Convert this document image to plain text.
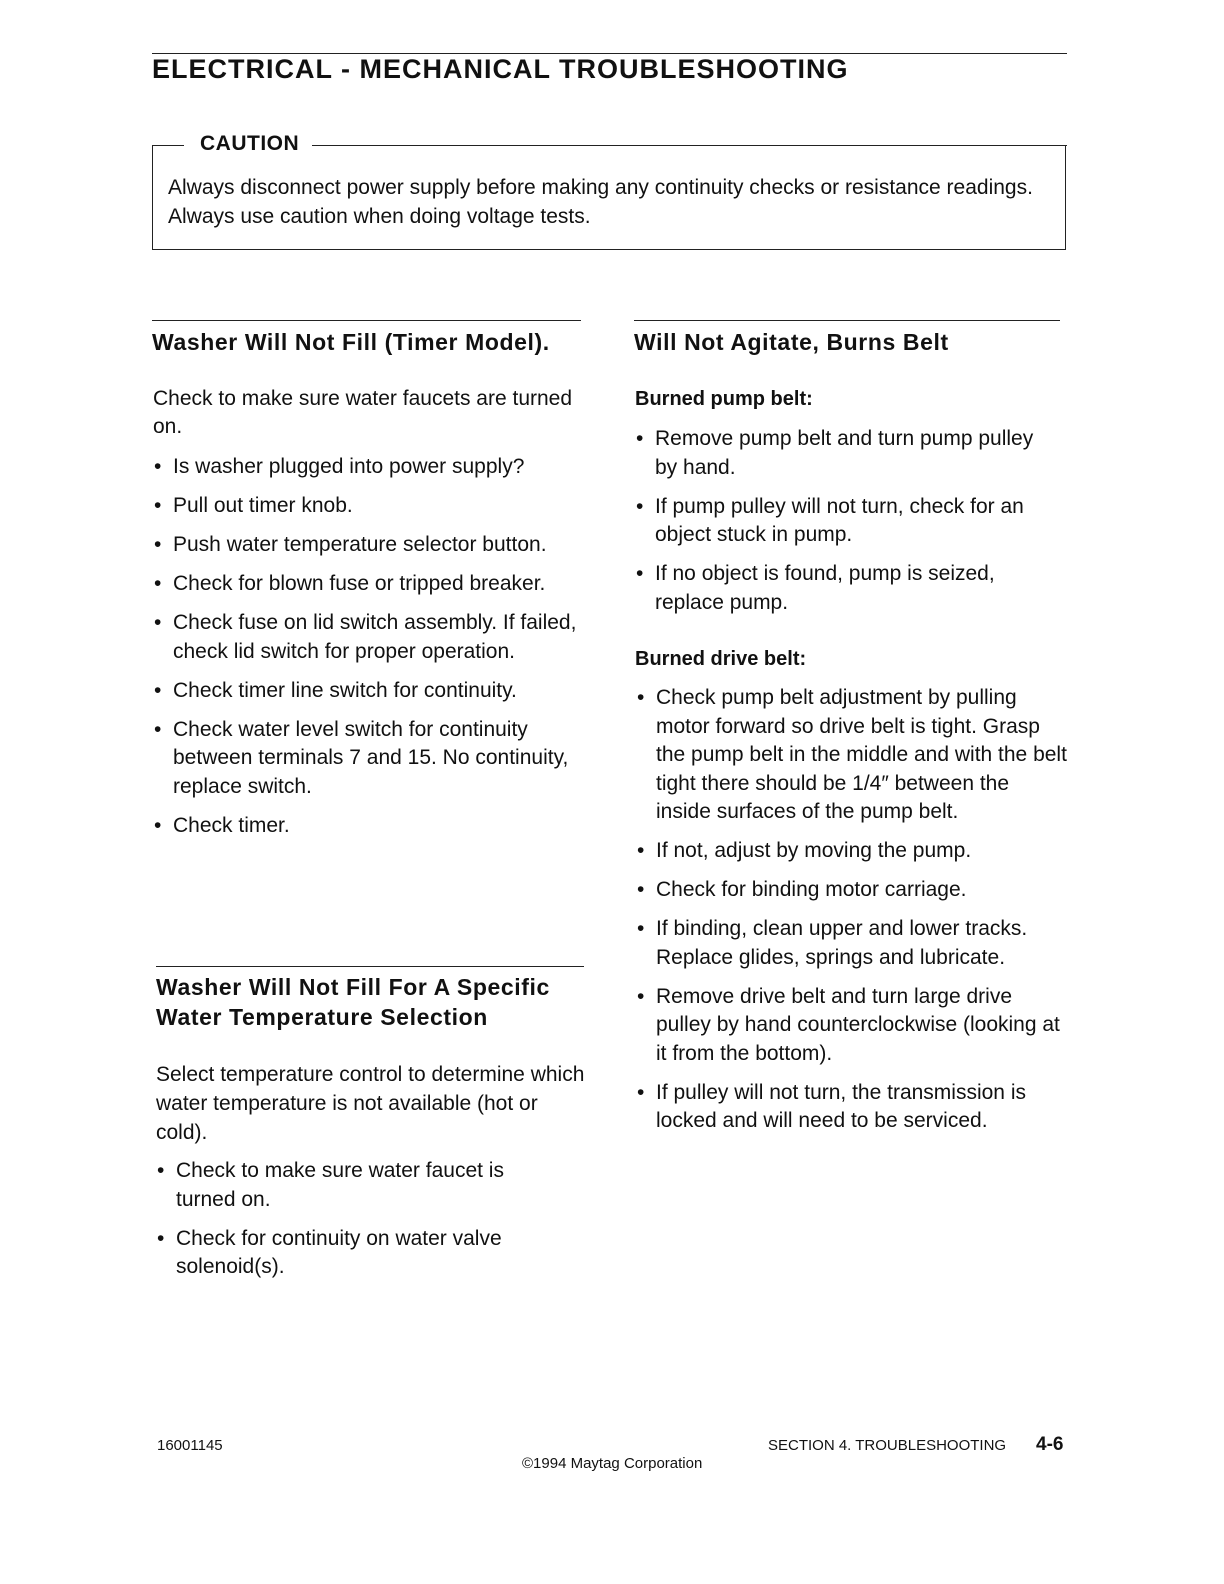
ELECTRICAL - MECHANICAL TROUBLESHOOTING
CAUTION

Always disconnect power supply before making any continuity checks or resistance readings. Always use caution when doing voltage tests.

Washer Will Not Fill (Timer Model).

Check to make sure water faucets are turned on.

• Is washer plugged into power supply?
• Pull out timer knob.
• Push water temperature selector button.
• Check for blown fuse or tripped breaker.
• Check fuse on lid switch assembly. If failed, check lid switch for proper operation.
• Check timer line switch for continuity.
• Check water level switch for continuity between terminals 7 and 15. No continuity, replace switch.
• Check timer.
Washer Will Not Fill For A Specific Water Temperature Selection

Select temperature control to determine which water temperature is not available (hot or cold).

• Check to make sure water faucet is turned on.
• Check for continuity on water valve solenoid(s).
Will Not Agitate, Burns Belt
Burned pump belt:
• Remove pump belt and turn pump pulley by hand.
• If pump pulley will not turn, check for an object stuck in pump.
• If no object is found, pump is seized, replace pump.
Burned drive belt:
• Check pump belt adjustment by pulling motor forward so drive belt is tight. Grasp the pump belt in the middle and with the belt tight there should be 1/4″ between the inside surfaces of the pump belt.
• If not, adjust by moving the pump.
• Check for binding motor carriage.
• If binding, clean upper and lower tracks. Replace glides, springs and lubricate.
• Remove drive belt and turn large drive pulley by hand counterclockwise (looking at it from the bottom).
• If pulley will not turn, the transmission is locked and will need to be serviced.
16001145
©1994 Maytag Corporation
SECTION 4. TROUBLESHOOTING 4-6
